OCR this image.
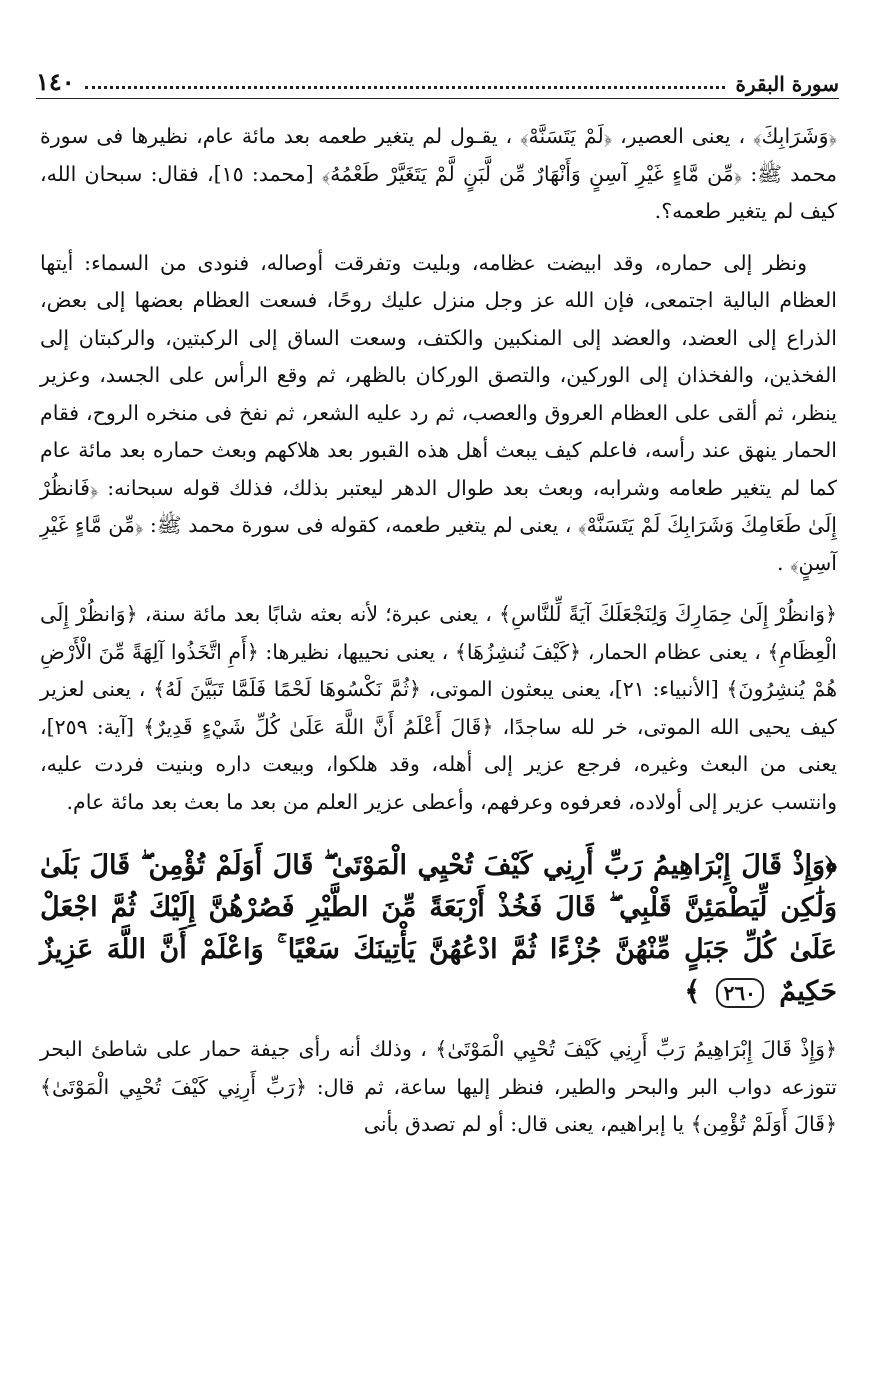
سورة البقرة
١٤٠

﴿وَشَرَابِكَ﴾ ، يعنى العصير، ﴿لَمْ يَتَسَنَّهْ﴾ ، يقـول لم يتغير طعمه بعد مائة عام، نظيرها فى سورة محمد ﷺ: ﴿مِّن مَّاءٍ غَيْرِ آسِنٍ وَأَنْهَارٌ مِّن لَّبَنٍ لَّمْ يَتَغَيَّرْ طَعْمُهُ﴾ [محمد: ١٥]، فقال: سبحان الله، كيف لم يتغير طعمه؟.

ونظر إلى حماره، وقد ابيضت عظامه، وبليت وتفرقت أوصاله، فنودى من السماء: أيتها العظام البالية اجتمعى، فإن الله عز وجل منزل عليك روحًا، فسعت العظام بعضها إلى بعض، الذراع إلى العضد، والعضد إلى المنكبين والكتف، وسعت الساق إلى الركبتين، والركبتان إلى الفخذين، والفخذان إلى الوركين، والتصق الوركان بالظهر، ثم وقع الرأس على الجسد، وعزير ينظر، ثم ألقى على العظام العروق والعصب، ثم رد عليه الشعر، ثم نفخ فى منخره الروح، فقام الحمار ينهق عند رأسه، فاعلم كيف يبعث أهل هذه القبور بعد هلاكهم وبعث حماره بعد مائة عام كما لم يتغير طعامه وشرابه، وبعث بعد طوال الدهر ليعتبر بذلك، فذلك قوله سبحانه: ﴿فَانظُرْ إِلَىٰ طَعَامِكَ وَشَرَابِكَ لَمْ يَتَسَنَّهْ﴾ ، يعنى لم يتغير طعمه، كقوله فى سورة محمد ﷺ: ﴿مِّن مَّاءٍ غَيْرِ آسِنٍ﴾ .

﴿وَانظُرْ إِلَىٰ حِمَارِكَ وَلِنَجْعَلَكَ آيَةً لِّلنَّاسِ﴾ ، يعنى عبرة؛ لأنه بعثه شابًا بعد مائة سنة، ﴿وَانظُرْ إِلَى الْعِظَامِ﴾ ، يعنى عظام الحمار، ﴿كَيْفَ نُنشِزُهَا﴾ ، يعنى نحييها، نظيرها: ﴿أَمِ اتَّخَذُوا آلِهَةً مِّنَ الْأَرْضِ هُمْ يُنشِرُونَ﴾ [الأنبياء: ٢١]، يعنى يبعثون الموتى، ﴿ثُمَّ نَكْسُوهَا لَحْمًا فَلَمَّا تَبَيَّنَ لَهُ﴾ ، يعنى لعزير كيف يحيى الله الموتى، خر لله ساجدًا، ﴿قَالَ أَعْلَمُ أَنَّ اللَّهَ عَلَىٰ كُلِّ شَيْءٍ قَدِيرٌ﴾ [آية: ٢٥٩]، يعنى من البعث وغيره، فرجع عزير إلى أهله، وقد هلكوا، وبيعت داره وبنيت فردت عليه، وانتسب عزير إلى أولاده، فعرفوه وعرفهم، وأعطى عزير العلم من بعد ما بعث بعد مائة عام.

﴿وَإِذْ قَالَ إِبْرَاهِيمُ رَبِّ أَرِنِي كَيْفَ تُحْيِي الْمَوْتَىٰ ۖ قَالَ أَوَلَمْ تُؤْمِن ۖ قَالَ بَلَىٰ وَلَٰكِن لِّيَطْمَئِنَّ قَلْبِي ۖ قَالَ فَخُذْ أَرْبَعَةً مِّنَ الطَّيْرِ فَصُرْهُنَّ إِلَيْكَ ثُمَّ اجْعَلْ عَلَىٰ كُلِّ جَبَلٍ مِّنْهُنَّ جُزْءًا ثُمَّ ادْعُهُنَّ يَأْتِينَكَ سَعْيًا ۚ وَاعْلَمْ أَنَّ اللَّهَ عَزِيزٌ حَكِيمٌ ٢٦٠ ﴾

﴿وَإِذْ قَالَ إِبْرَاهِيمُ رَبِّ أَرِنِي كَيْفَ تُحْيِي الْمَوْتَىٰ﴾ ، وذلك أنه رأى جيفة حمار على شاطئ البحر تتوزعه دواب البر والبحر والطير، فنظر إليها ساعة، ثم قال: ﴿رَبِّ أَرِنِي كَيْفَ تُحْيِي الْمَوْتَىٰ﴾ ﴿قَالَ أَوَلَمْ تُؤْمِن﴾ يا إبراهيم، يعنى قال: أو لم تصدق بأنى
